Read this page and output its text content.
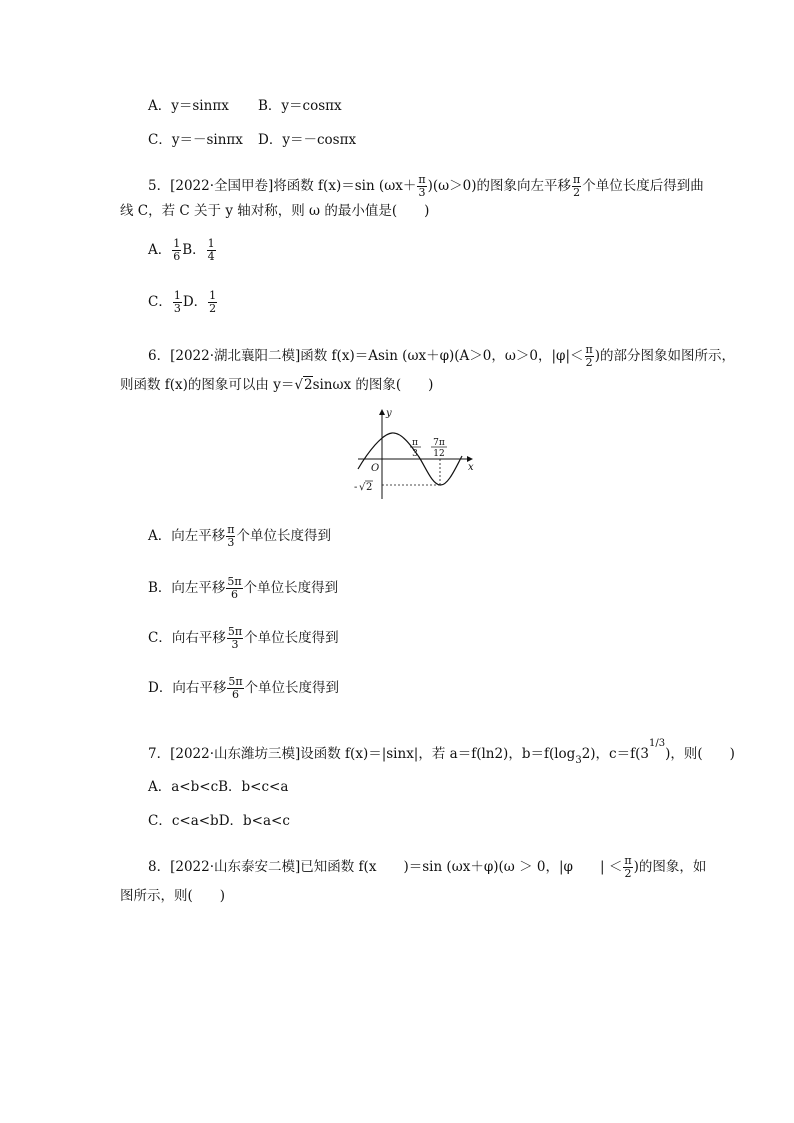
A．y＝sinπx B．y＝cosπx
C．y＝－sinπx D．y＝－cosπx
5．[2022·全国甲卷]将函数 f(x)＝sin $(\omega x+ \frac{\pi}{3} )(\omega>0)$的图象向左平移 $\frac{\pi}{2}$ 个单位长度后得到曲
线 C，若 C 关于 y 轴对称，则 ω 的最小值是(　　)
A． $\frac{1}{6}$ B． $\frac{1}{4}$
C． $\frac{1}{3}$ D． $\frac{1}{2}$
6．[2022·湖北襄阳二模]函数 f(x)＝Asin (ωx＋φ)(A＞0，ω＞0，$|\varphi|< \frac{\pi}{2}$ )的部分图象如图所示，
则函数 f(x)的图象可以由 y＝√2sinωx 的图象(　　)
y
x
O
π
3
7π
12
- √ 2
A．向左平移 $\frac{\pi}{3}$ 个单位长度得到
B．向左平移 $\frac{5\pi}{6}$ 个单位长度得到
C．向右平移 $\frac{5\pi}{3}$ 个单位长度得到
D．向右平移 $\frac{5\pi}{6}$ 个单位长度得到
7．[2022·山东潍坊三模]设函数 f(x)＝|sinx|，若 a＝f(ln2)，$b=f(\log_32)$，$c=f(3^{1/3})$，则(　　)
A．a<b<cB．b<c<a
C．c<a<bD．b<a<c
8．[2022·山东泰安二模]已知函数 f(x　　)＝sin (ωx＋φ)(ω ＞ 0，|φ　　| ＜ $\frac{\pi}{2}$ )的图象，如
图所示，则(　　)
